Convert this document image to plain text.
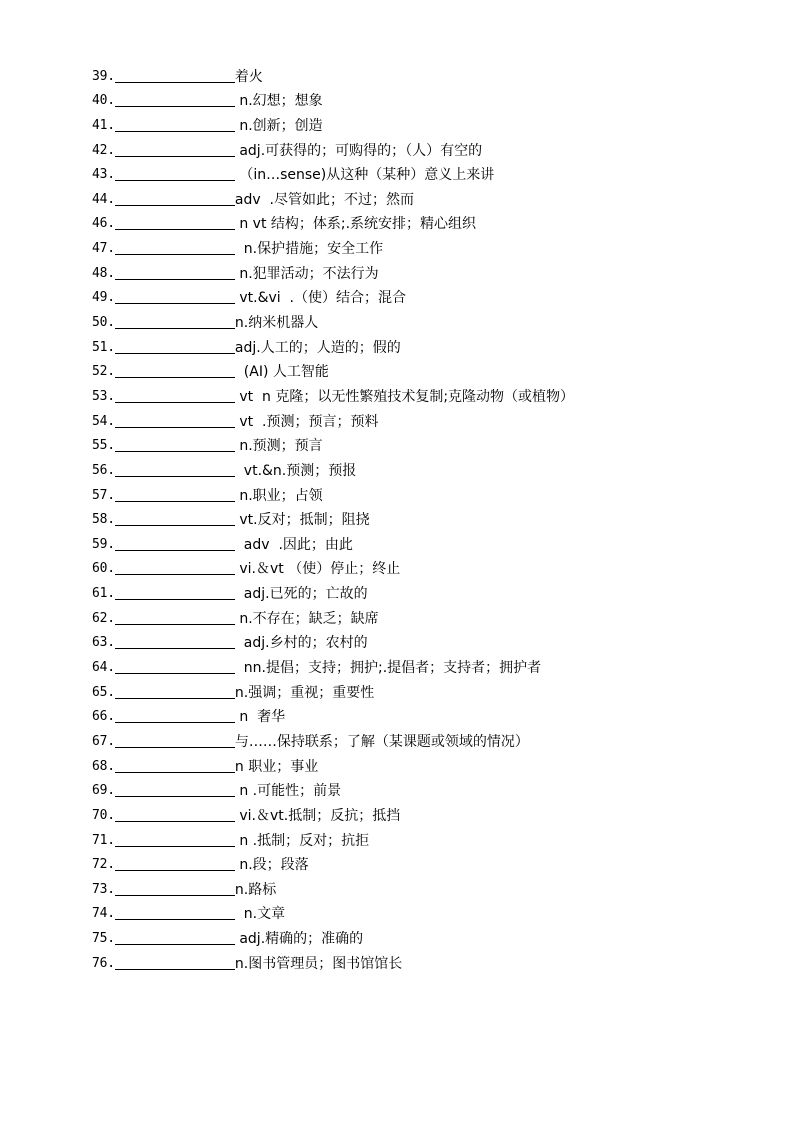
39.	着火
40.	n.幻想；想象
41.	n.创新；创造
42.	adj.可获得的；可购得的；（人）有空的
43.	（in…sense)从这种（某种）意义上来讲
44.	adv  .尽管如此；不过；然而
46.	n vt 结构；体系;.系统安排；精心组织
47.	n.保护措施；安全工作
48.	n.犯罪活动；不法行为
49.	vt.&vi  .（使）结合；混合
50.	n.纳米机器人
51.	adj.人工的；人造的；假的
52.	(AI) 人工智能
53.	vt  n 克隆；以无性繁殖技术复制;克隆动物（或植物）
54.	vt  .预测；预言；预料
55.	n.预测；预言
56.	vt.&n.预测；预报
57.	n.职业；占领
58.	vt.反对；抵制；阻挠
59.	adv  .因此；由此
60.	vi.＆vt （使）停止；终止
61.	adj.已死的；亡故的
62.	n.不存在；缺乏；缺席
63.	adj.乡村的；农村的
64.	nn.提倡；支持；拥护;.提倡者；支持者；拥护者
65.	n.强调；重视；重要性
66.	n  奢华
67.	与……保持联系；了解（某课题或领域的情况）
68.	n 职业；事业
69.	n .可能性；前景
70.	vi.＆vt.抵制；反抗；抵挡
71.	n .抵制；反对；抗拒
72.	n.段；段落
73.	n.路标
74.	n.文章
75.	adj.精确的；准确的
76.	n.图书管理员；图书馆馆长
